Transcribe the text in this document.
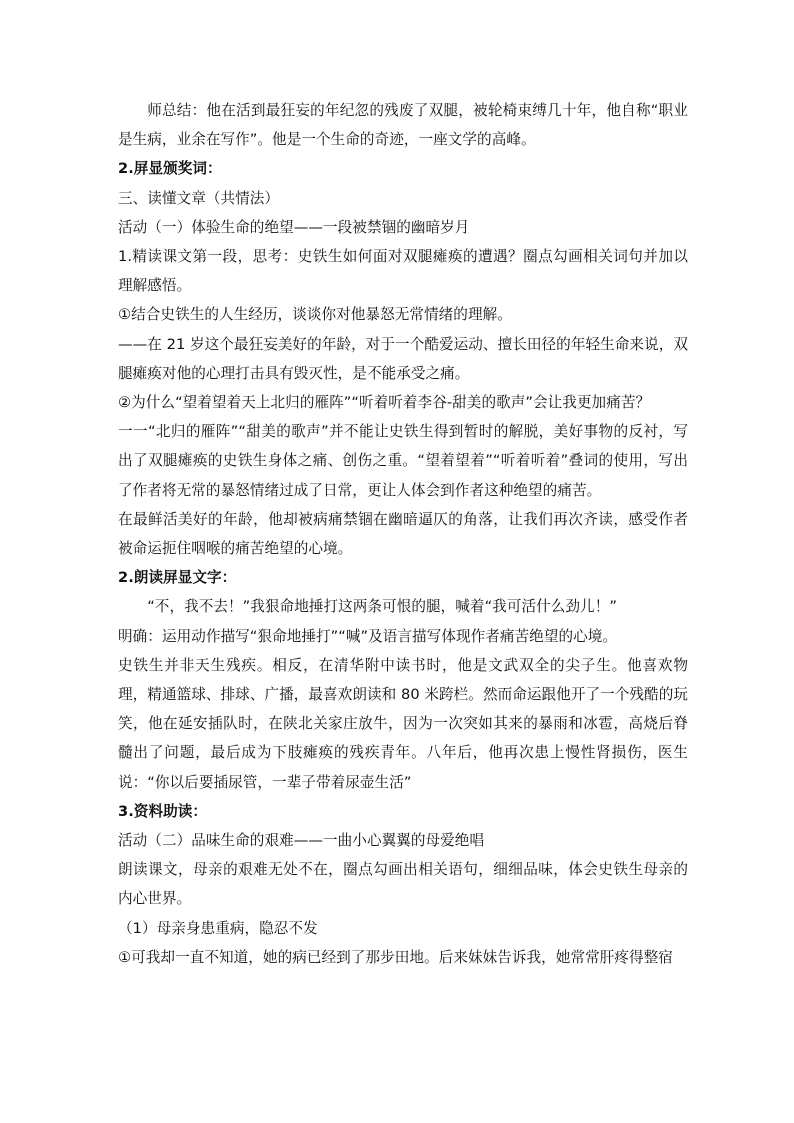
师总结：他在活到最狂妄的年纪忽的残废了双腿，被轮椅束缚几十年，他自称“职业是生病，业余在写作”。他是一个生命的奇迹，一座文学的高峰。

2.屏显颁奖词：

三、读懂文章（共情法）

活动（一）体验生命的绝望——一段被禁锢的幽暗岁月

1.精读课文第一段，思考：史铁生如何面对双腿瘫痪的遭遇？圈点勾画相关词句并加以理解感悟。

①结合史铁生的人生经历，谈谈你对他暴怒无常情绪的理解。

——在 21 岁这个最狂妄美好的年龄，对于一个酷爱运动、擅长田径的年轻生命来说，双腿瘫痪对他的心理打击具有毁灭性，是不能承受之痛。

②为什么“望着望着天上北归的雁阵”“听着听着李谷-甜美的歌声”会让我更加痛苦？

一一“北归的雁阵”“甜美的歌声”并不能让史铁生得到暂时的解脱，美好事物的反衬，写出了双腿瘫痪的史铁生身体之痛、创伤之重。“望着望着”“听着听着”叠词的使用，写出了作者将无常的暴怒情绪过成了日常，更让人体会到作者这种绝望的痛苦。

在最鲜活美好的年龄，他却被病痛禁锢在幽暗逼仄的角落，让我们再次齐读，感受作者被命运扼住咽喉的痛苦绝望的心境。

2.朗读屏显文字：

“不，我不去！”我狠命地捶打这两条可恨的腿，喊着“我可活什么劲儿！”

明确：运用动作描写“狠命地捶打”“喊”及语言描写体现作者痛苦绝望的心境。

史铁生并非天生残疾。相反，在清华附中读书时，他是文武双全的尖子生。他喜欢物理，精通篮球、排球、广播，最喜欢朗读和 80 米跨栏。然而命运跟他开了一个残酷的玩笑，他在延安插队时，在陕北关家庄放牛，因为一次突如其来的暴雨和冰雹，高烧后脊髓出了问题，最后成为下肢瘫痪的残疾青年。八年后，他再次患上慢性肾损伤，医生说：“你以后要插尿管，一辈子带着尿壶生活”

3.资料助读：

活动（二）品味生命的艰难——一曲小心翼翼的母爱绝唱

朗读课文，母亲的艰难无处不在，圈点勾画出相关语句，细细品味，体会史铁生母亲的内心世界。

（1）母亲身患重病，隐忍不发

①可我却一直不知道，她的病已经到了那步田地。后来妹妹告诉我，她常常肝疼得整宿
